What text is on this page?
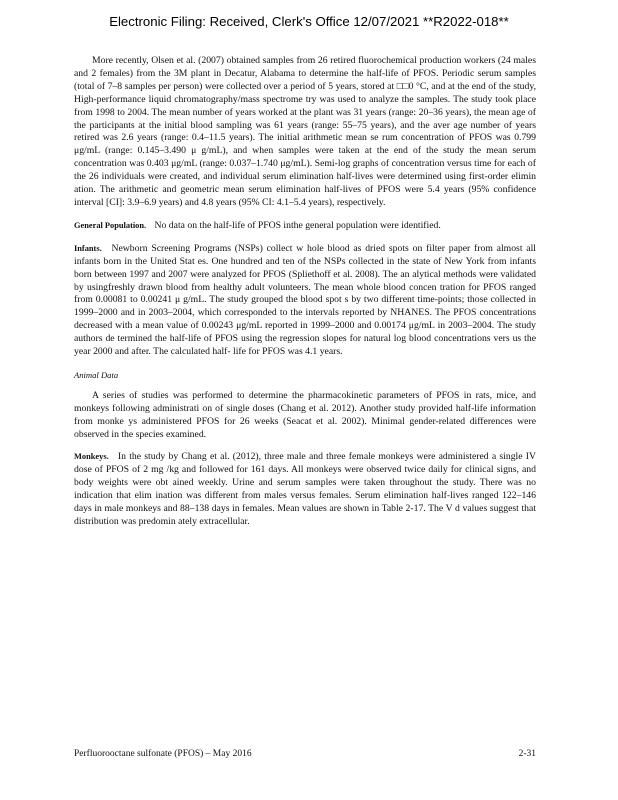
Electronic Filing: Received, Clerk's Office 12/07/2021 **R2022-018**

More recently, Olsen et al. (2007) obtained samples from 26 retired fluorochemical production workers (24 males and 2 females) from the 3M plant in Decatur, Alabama to determine the half-life of PFOS. Periodic serum samples (total of 7–8 samples per person) were collected over a period of 5 years, stored at □□0 °C, and at the end of the study, High-performance liquid chromatography/mass spectrome try was used to analyze the samples. The study took place from 1998 to 2004. The mean number of years worked at the plant was 31 years (range: 20–36 years), the mean age of the participants at the initial blood sampling was 61 years (range: 55–75 years), and the aver age number of years retired was 2.6 years (range: 0.4–11.5 years). The initial arithmetic mean se rum concentration of PFOS was 0.799 μg/mL (range: 0.145–3.490 μ g/mL), and when samples were taken at the end of the study the mean serum concentration was 0.403 μg/mL (range: 0.037–1.740 μg/mL). Semi-log graphs of concentration versus time for each of the 26 individuals were created, and individual serum elimination half-lives were determined using first-order elimin ation. The arithmetic and geometric mean serum elimination half-lives of PFOS were 5.4 years (95% confidence interval [CI]: 3.9–6.9 years) and 4.8 years (95% CI: 4.1–5.4 years), respectively.

General Population. No data on the half-life of PFOS inthe general population were identified.

Infants. Newborn Screening Programs (NSPs) collect w hole blood as dried spots on filter paper from almost all infants born in the United Stat es. One hundred and ten of the NSPs collected in the state of New York from infants born between 1997 and 2007 were analyzed for PFOS (Spliethoff et al. 2008). The an alytical methods were validated by usingfreshly drawn blood from healthy adult volunteers. The mean whole blood concen tration for PFOS ranged from 0.00081 to 0.00241 μ g/mL. The study grouped the blood spot s by two different time-points; those collected in 1999–2000 and in 2003–2004, which corresponded to the intervals reported by NHANES. The PFOS concentrations decreased with a mean value of 0.00243 μg/mL reported in 1999–2000 and 0.00174 μg/mL in 2003–2004. The study authors de termined the half-life of PFOS using the regression slopes for natural log blood concentrations vers us the year 2000 and after. The calculated half- life for PFOS was 4.1 years.

Animal Data

A series of studies was performed to determine the pharmacokinetic parameters of PFOS in rats, mice, and monkeys following administrati on of single doses (Chang et al. 2012). Another study provided half-life information from monke ys administered PFOS for 26 weeks (Seacat et al. 2002). Minimal gender-related differences were observed in the species examined.

Monkeys. In the study by Chang et al. (2012), three male and three female monkeys were administered a single IV dose of PFOS of 2 mg /kg and followed for 161 days. All monkeys were observed twice daily for clinical signs, and body weights were obt ained weekly. Urine and serum samples were taken throughout the study. There was no indication that elim ination was different from males versus females. Serum elimination half-lives ranged 122–146 days in male monkeys and 88–138 days in females. Mean values are shown in Table 2-17. The V d values suggest that distribution was predomin ately extracellular.

Perfluorooctane sulfonate (PFOS) – May 2016	2-31
